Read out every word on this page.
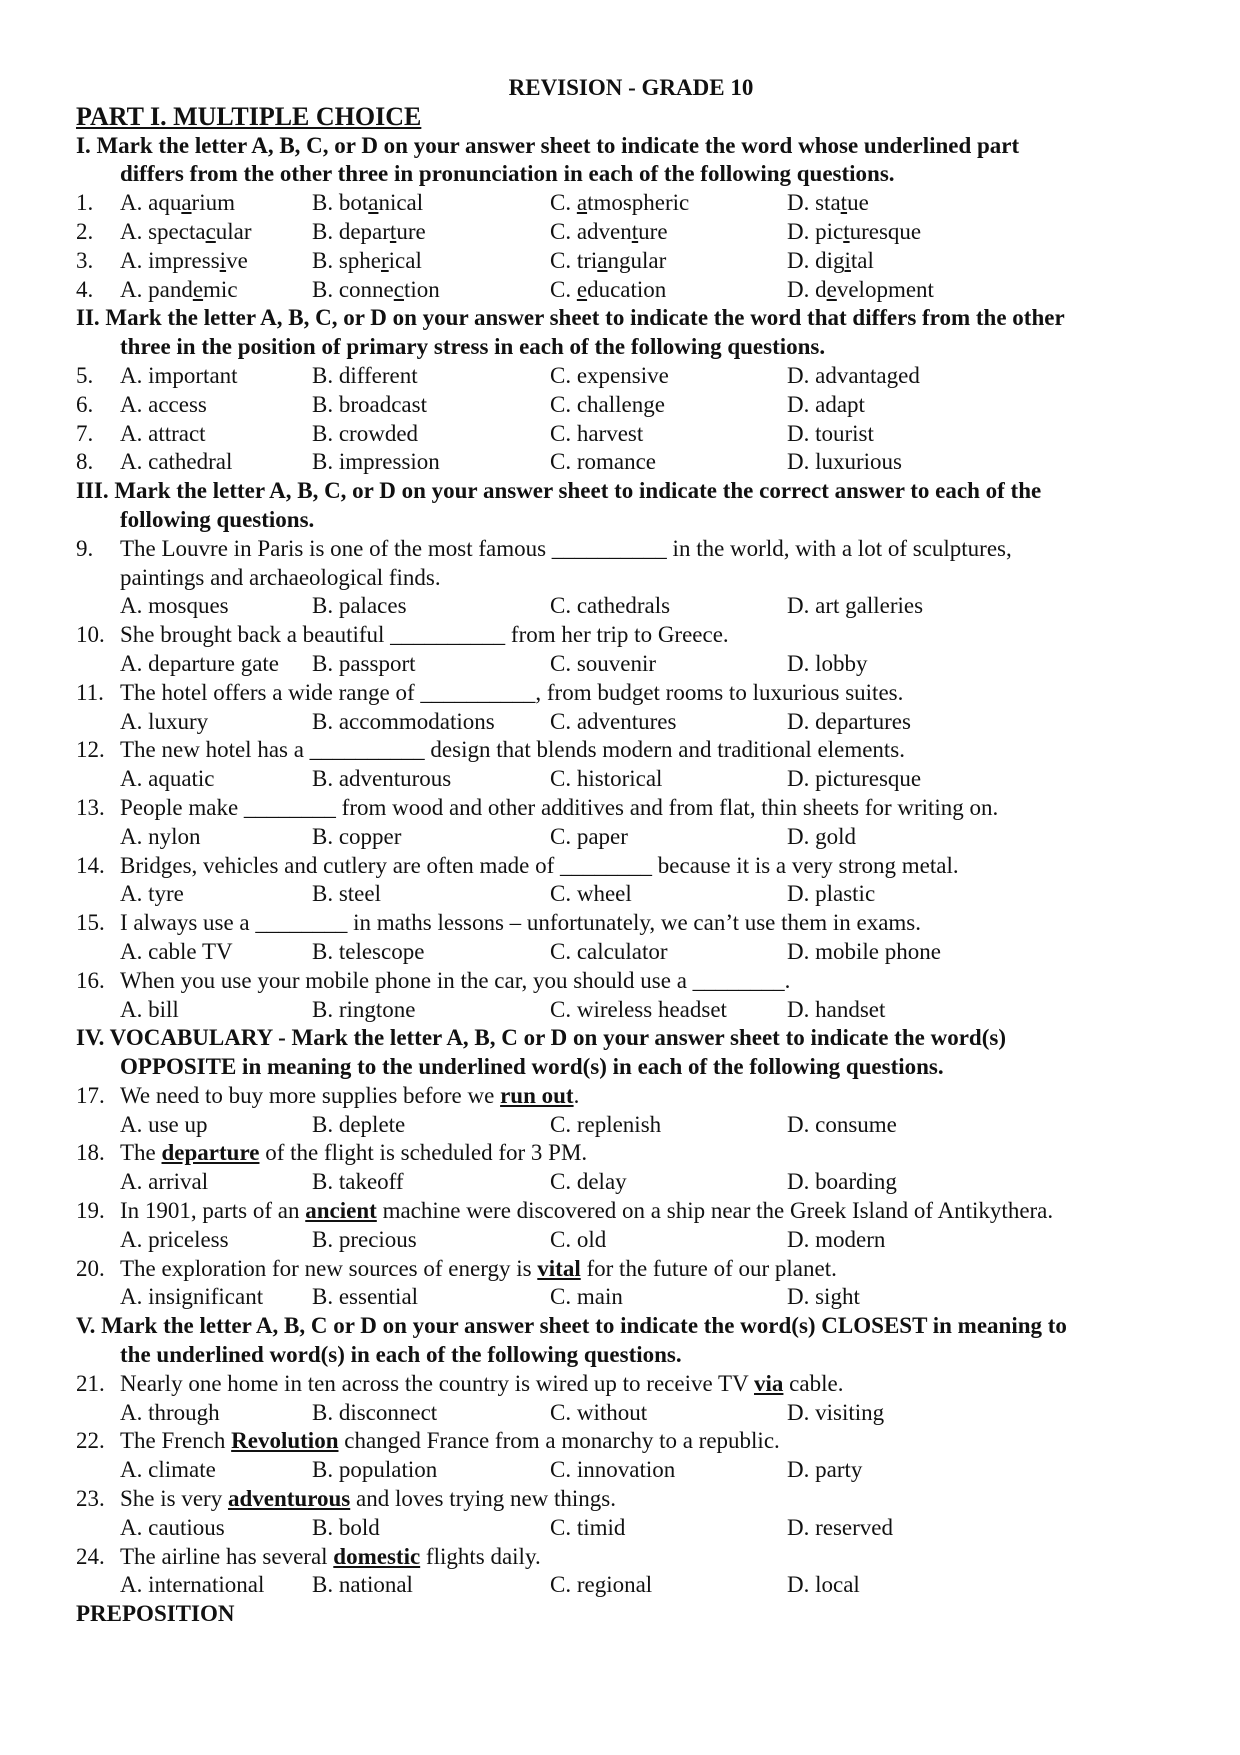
REVISION - GRADE 10
PART I. MULTIPLE CHOICE
I. Mark the letter A, B, C, or D on your answer sheet to indicate the word whose underlined part
differs from the other three in pronunciation in each of the following questions.
1. A. aquarium	B. botanical	C. atmospheric	D. statue
2. A. spectacular	B. departure	C. adventure	D. picturesque
3. A. impressive	B. spherical	C. triangular	D. digital
4. A. pandemic	B. connection	C. education	D. development
II. Mark the letter A, B, C, or D on your answer sheet to indicate the word that differs from the other
three in the position of primary stress in each of the following questions.
5. A. important	B. different	C. expensive	D. advantaged
6. A. access	B. broadcast	C. challenge	D. adapt
7. A. attract	B. crowded	C. harvest	D. tourist
8. A. cathedral	B. impression	C. romance	D. luxurious
III. Mark the letter A, B, C, or D on your answer sheet to indicate the correct answer to each of the
following questions.
9.	The Louvre in Paris is one of the most famous __________ in the world, with a lot of sculptures,
paintings and archaeological finds.
A. mosques	B. palaces	C. cathedrals	D. art galleries
10. She brought back a beautiful __________ from her trip to Greece.
A. departure gate B. passport	C. souvenir	D. lobby
11. The hotel offers a wide range of __________, from budget rooms to luxurious suites.
A. luxury	B. accommodations C. adventures	D. departures
12. The new hotel has a __________ design that blends modern and traditional elements.
A. aquatic	B. adventurous	C. historical	D. picturesque
13. People make ________ from wood and other additives and from flat, thin sheets for writing on.
A. nylon	B. copper	C. paper	D. gold
14. Bridges, vehicles and cutlery are often made of ________ because it is a very strong metal.
A. tyre	B. steel	C. wheel	D. plastic
15. I always use a ________ in maths lessons – unfortunately, we can’t use them in exams.
A. cable TV	B. telescope	C. calculator	D. mobile phone
16. When you use your mobile phone in the car, you should use a ________.
A. bill	B. ringtone	C. wireless headset	D. handset
IV. VOCABULARY - Mark the letter A, B, C or D on your answer sheet to indicate the word(s)
OPPOSITE in meaning to the underlined word(s) in each of the following questions.
17. We need to buy more supplies before we run out.
A. use up	B. deplete	C. replenish	D. consume
18. The departure of the flight is scheduled for 3 PM.
A. arrival	B. takeoff	C. delay	D. boarding
19. In 1901, parts of an ancient machine were discovered on a ship near the Greek Island of Antikythera.
A. priceless	B. precious	C. old	D. modern
20. The exploration for new sources of energy is vital for the future of our planet.
A. insignificant B. essential	C. main	D. sight
V. Mark the letter A, B, C or D on your answer sheet to indicate the word(s) CLOSEST in meaning to
the underlined word(s) in each of the following questions.
21. Nearly one home in ten across the country is wired up to receive TV via cable.
A. through	B. disconnect	C. without	D. visiting
22. The French Revolution changed France from a monarchy to a republic.
A. climate	B. population	C. innovation	D. party
23. She is very adventurous and loves trying new things.
A. cautious	B. bold	C. timid	D. reserved
24. The airline has several domestic flights daily.
A. international B. national	C. regional	D. local
PREPOSITION
